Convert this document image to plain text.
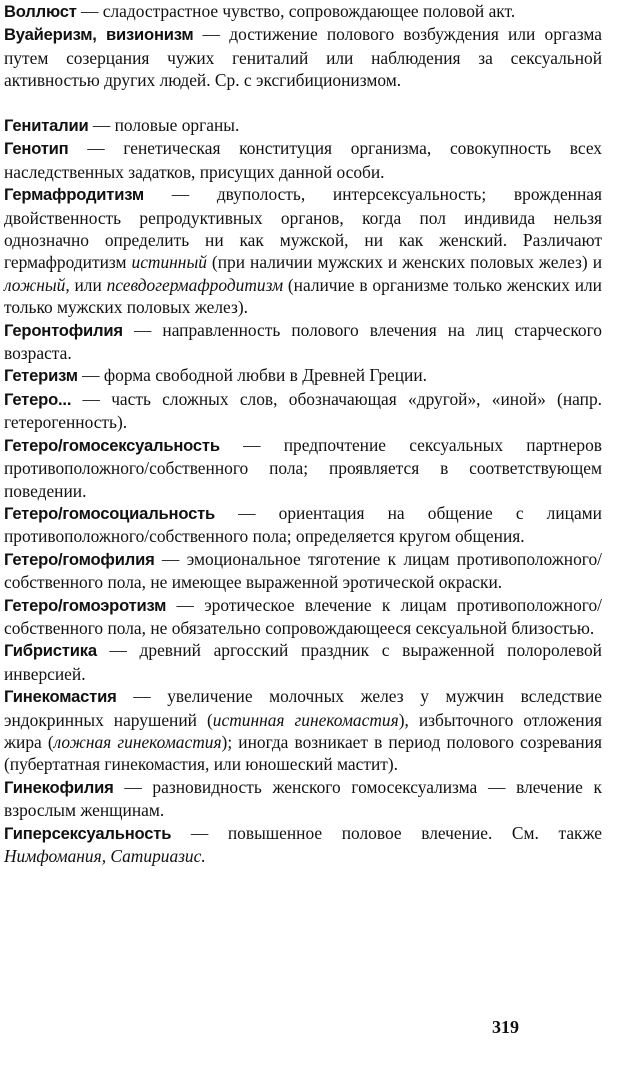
Воллюст — сладострастное чувство, сопровождающее половой акт.

Вуайеризм, визионизм — достижение полового возбуждения или оргазма путем созерцания чужих гениталий или наблюдения за сексуальной активностью других людей. Ср. с эксгибиционизмом.

Гениталии — половые органы.

Генотип — генетическая конституция организма, совокупность всех наследственных задатков, присущих данной особи.

Гермафродитизм — двуполость, интерсексуальность; врожденная двойственность репродуктивных органов, когда пол индивида нельзя однозначно определить ни как мужской, ни как женский. Различают гермафродитизм истинный (при наличии мужских и женских половых желез) и ложный, или псевдогермафродитизм (наличие в организме только женских или только мужских половых желез).

Геронтофилия — направленность полового влечения на лиц старческого возраста.

Гетеризм — форма свободной любви в Древней Греции.

Гетеро... — часть сложных слов, обозначающая «другой», «иной» (напр. гетерогенность).

Гетеро/гомосексуальность — предпочтение сексуальных партнеров противоположного/собственного пола; проявляется в соответствующем поведении.

Гетеро/гомосоциальность — ориентация на общение с лицами противоположного/собственного пола; определяется кругом общения.

Гетеро/гомофилия — эмоциональное тяготение к лицам противоположного/собственного пола, не имеющее выраженной эротической окраски.

Гетеро/гомоэротизм — эротическое влечение к лицам противоположного/собственного пола, не обязательно сопровождающееся сексуальной близостью.

Гибристика — древний аргосский праздник с выраженной полоролевой инверсией.

Гинекомастия — увеличение молочных желез у мужчин вследствие эндокринных нарушений (истинная гинекомастия), избыточного отложения жира (ложная гинекомастия); иногда возникает в период полового созревания (пубертатная гинекомастия, или юношеский мастит).

Гинекофилия — разновидность женского гомосексуализма — влечение к взрослым женщинам.

Гиперсексуальность — повышенное половое влечение. См. также Нимфомания, Сатириазис.

319
